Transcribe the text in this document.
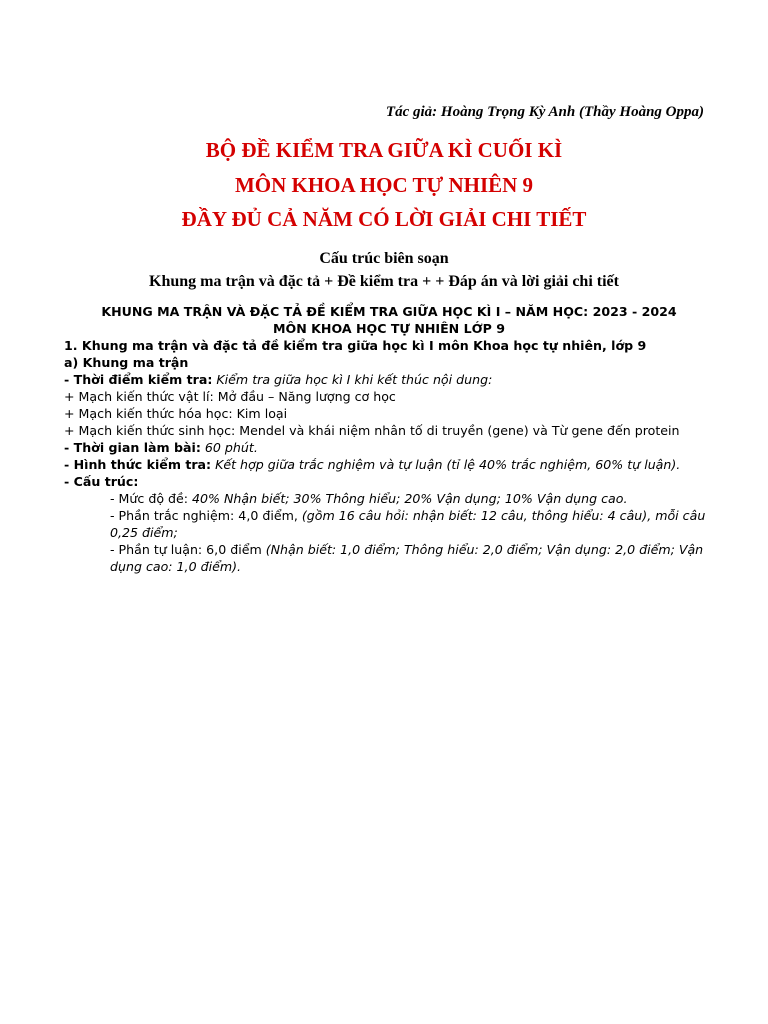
Tác giả: Hoàng Trọng Kỳ Anh (Thầy Hoàng Oppa)
BỘ ĐỀ KIỂM TRA GIỮA KÌ CUỐI KÌ
MÔN KHOA HỌC TỰ NHIÊN 9
ĐẦY ĐỦ CẢ NĂM CÓ LỜI GIẢI CHI TIẾT
Cấu trúc biên soạn
Khung ma trận và đặc tả + Đề kiểm tra + + Đáp án và lời giải chi tiết
KHUNG MA TRẬN VÀ ĐẶC TẢ ĐỀ KIỂM TRA GIỮA HỌC KÌ I – NĂM HỌC: 2023 - 2024
MÔN KHOA HỌC TỰ NHIÊN LỚP 9
1. Khung ma trận và đặc tả đề kiểm tra giữa học kì I môn Khoa học tự nhiên, lớp 9
a) Khung ma trận
- Thời điểm kiểm tra: Kiểm tra giữa học kì I khi kết thúc nội dung:
+ Mạch kiến thức vật lí: Mở đầu – Năng lượng cơ học
+ Mạch kiến thức hóa học: Kim loại
+ Mạch kiến thức sinh học: Mendel và khái niệm nhân tố di truyền (gene) và Từ gene đến protein
- Thời gian làm bài: 60 phút.
- Hình thức kiểm tra: Kết hợp giữa trắc nghiệm và tự luận (tỉ lệ 40% trắc nghiệm, 60% tự luận).
- Cấu trúc:
- Mức độ đề: 40% Nhận biết; 30% Thông hiểu; 20% Vận dụng; 10% Vận dụng cao.
- Phần trắc nghiệm: 4,0 điểm, (gồm 16 câu hỏi: nhận biết: 12 câu, thông hiểu: 4 câu), mỗi câu 0,25 điểm;
- Phần tự luận: 6,0 điểm (Nhận biết: 1,0 điểm; Thông hiểu: 2,0 điểm; Vận dụng: 2,0 điểm; Vận dụng cao: 1,0 điểm).
